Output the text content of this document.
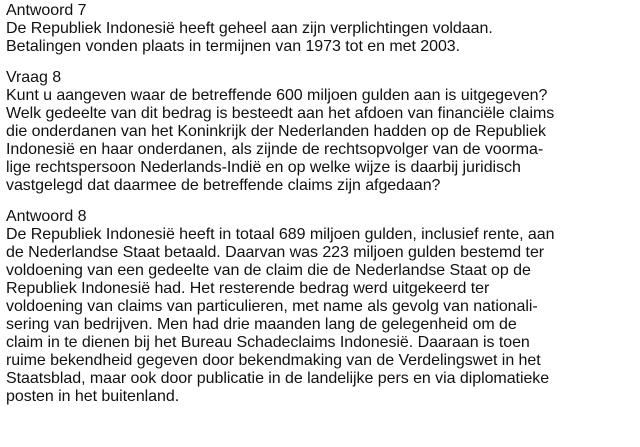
Antwoord 7
De Republiek Indonesië heeft geheel aan zijn verplichtingen voldaan.
Betalingen vonden plaats in termijnen van 1973 tot en met 2003.
Vraag 8
Kunt u aangeven waar de betreffende 600 miljoen gulden aan is uitgegeven?
Welk gedeelte van dit bedrag is besteedt aan het afdoen van financiële claims
die onderdanen van het Koninkrijk der Nederlanden hadden op de Republiek
Indonesië en haar onderdanen, als zijnde de rechtsopvolger van de voorma-
lige rechtspersoon Nederlands-Indië en op welke wijze is daarbij juridisch
vastgelegd dat daarmee de betreffende claims zijn afgedaan?
Antwoord 8
De Republiek Indonesië heeft in totaal 689 miljoen gulden, inclusief rente, aan
de Nederlandse Staat betaald. Daarvan was 223 miljoen gulden bestemd ter
voldoening van een gedeelte van de claim die de Nederlandse Staat op de
Republiek Indonesië had. Het resterende bedrag werd uitgekeerd ter
voldoening van claims van particulieren, met name als gevolg van nationali-
sering van bedrijven. Men had drie maanden lang de gelegenheid om de
claim in te dienen bij het Bureau Schadeclaims Indonesië. Daaraan is toen
ruime bekendheid gegeven door bekendmaking van de Verdelingswet in het
Staatsblad, maar ook door publicatie in de landelijke pers en via diplomatieke
posten in het buitenland.
